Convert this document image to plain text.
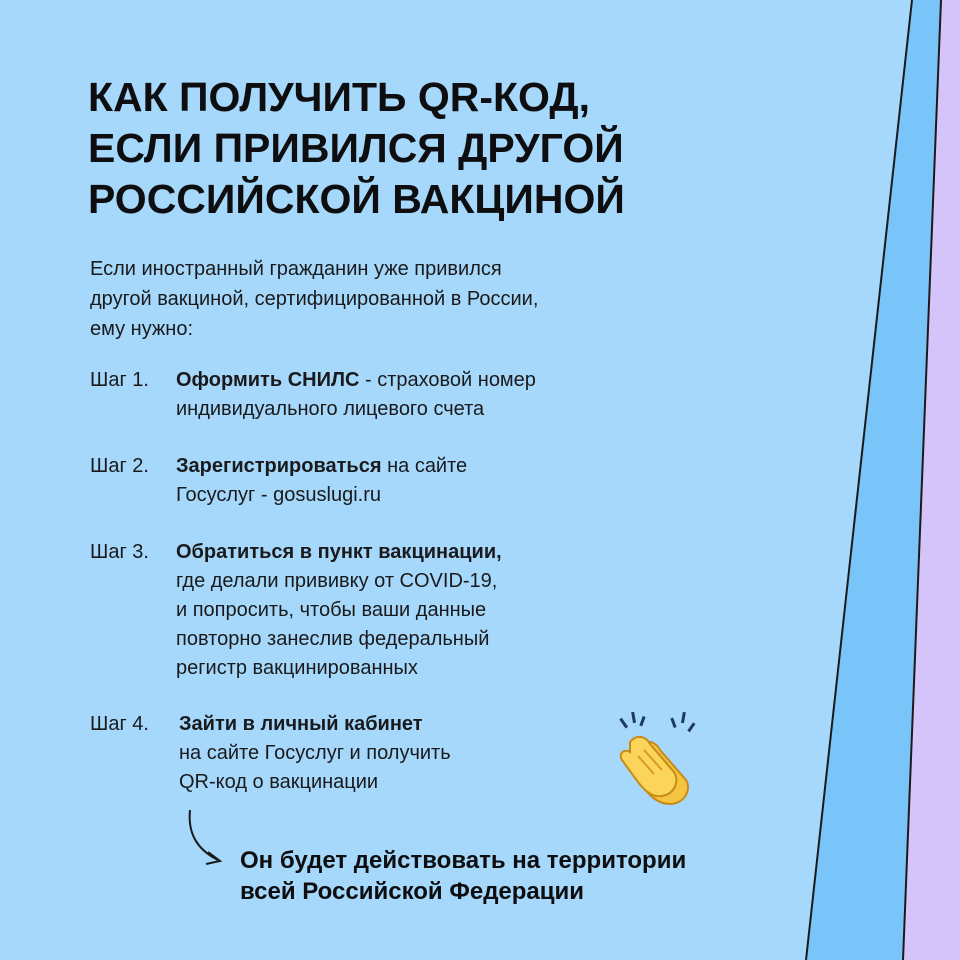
КАК ПОЛУЧИТЬ QR-КОД,
ЕСЛИ ПРИВИЛСЯ ДРУГОЙ
РОССИЙСКОЙ ВАКЦИНОЙ
Если иностранный гражданин уже привился
другой вакциной, сертифицированной в России,
ему нужно:
Шаг 1. Оформить СНИЛС - страховой номер
индивидуального лицевого счета
Шаг 2. Зарегистрироваться на сайте
Госуслуг - gosuslugi.ru
Шаг 3. Обратиться в пункт вакцинации,
где делали прививку от COVID-19,
и попросить, чтобы ваши данные
повторно занеслив федеральный
регистр вакцинированных
Шаг 4. Зайти в личный кабинет
на сайте Госуслуг и получить
QR-код о вакцинации
Он будет действовать на территории
всей Российской Федерации
